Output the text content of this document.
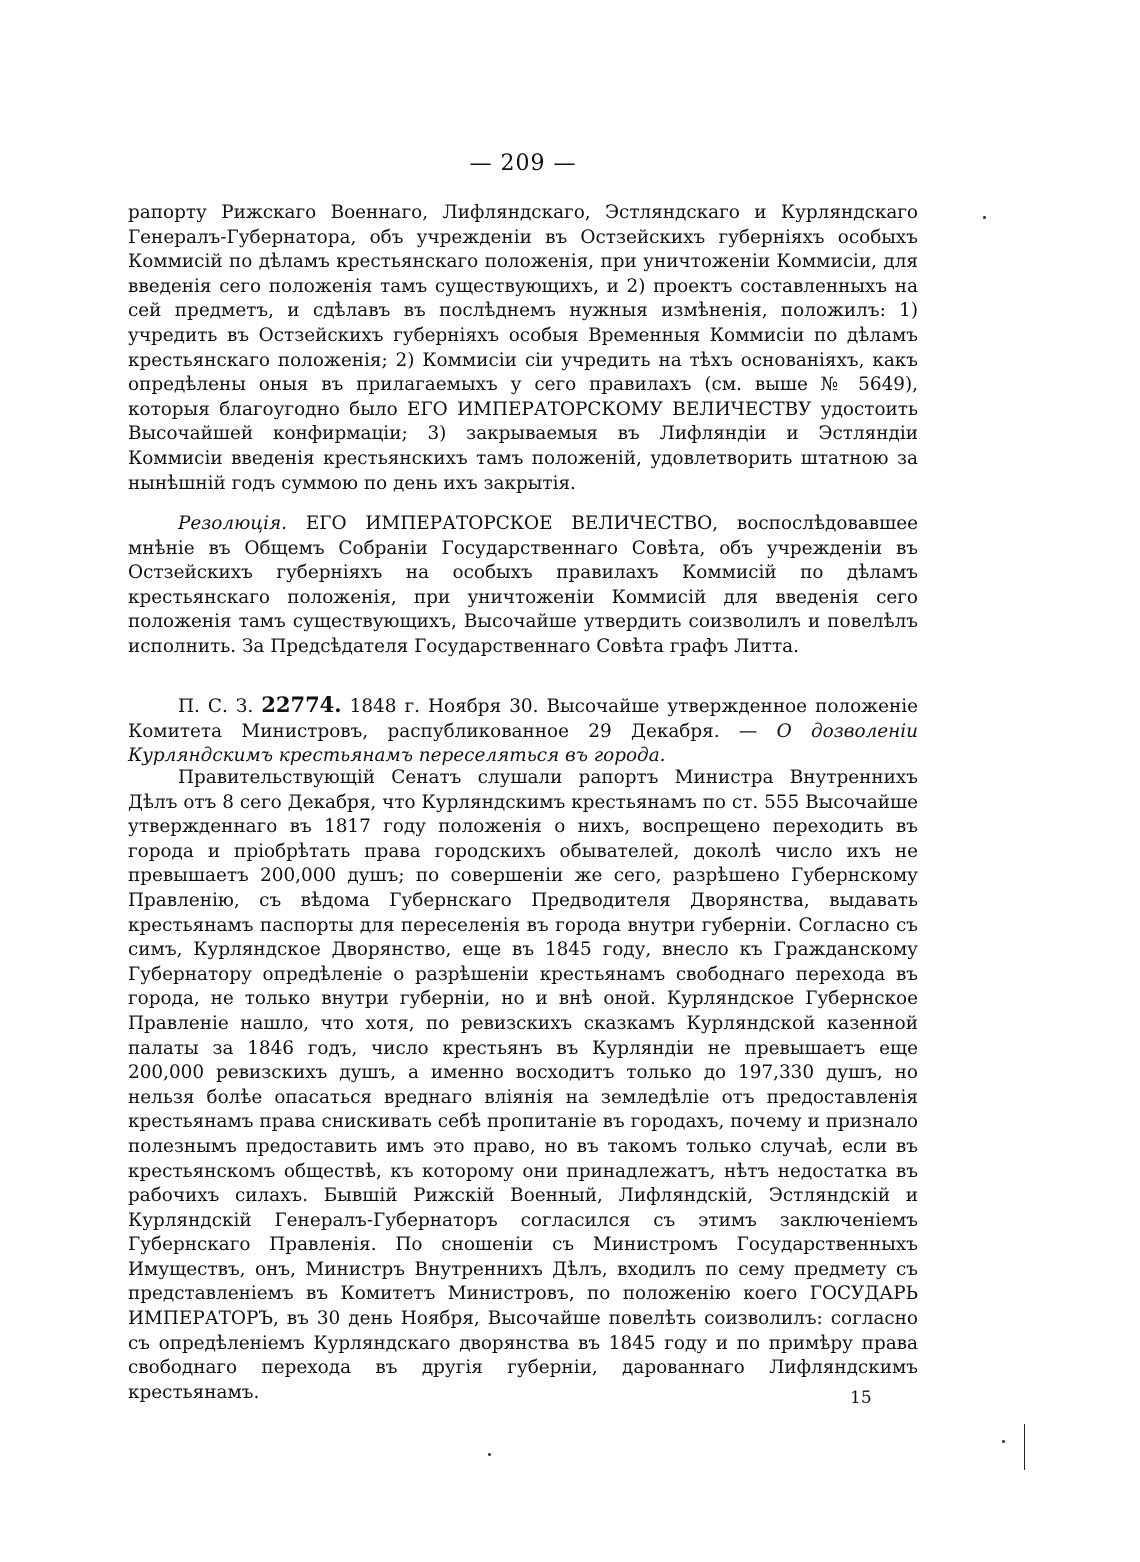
— 209 —

рапорту Рижскаго Военнаго, Лифляндскаго, Эстляндскаго и Курляндскаго Генералъ-Губернатора, объ учрежденіи въ Остзейскихъ губерніяхъ особыхъ Коммисій по дѣламъ крестьянскаго положенія, при уничтоженіи Коммисіи, для введенія сего положенія тамъ существующихъ, и 2) проектъ составленныхъ на сей предметъ, и сдѣлавъ въ послѣднемъ нужныя измѣненія, положилъ: 1) учредить въ Остзейскихъ губерніяхъ особыя Временныя Коммисіи по дѣламъ крестьянскаго положенія; 2) Коммисіи сіи учредить на тѣхъ основаніяхъ, какъ опредѣлены оныя въ прилагаемыхъ у сего правилахъ (см. выше № 5649), которыя благоугодно было ЕГО ИМПЕРАТОРСКОМУ ВЕЛИЧЕСТВУ удостоить Высочайшей конфирмаціи; 3) закрываемыя въ Лифляндіи и Эстляндіи Коммисіи введенія крестьянскихъ тамъ положеній, удовлетворить штатною за нынѣшній годъ суммою по день ихъ закрытія.

Резолюція. ЕГО ИМПЕРАТОРСКОЕ ВЕЛИЧЕСТВО, воспослѣдовавшее мнѣніе въ Общемъ Собраніи Государственнаго Совѣта, объ учрежденіи въ Остзейскихъ губерніяхъ на особыхъ правилахъ Коммисій по дѣламъ крестьянскаго положенія, при уничтоженіи Коммисій для введенія сего положенія тамъ существующихъ, Высочайше утвердить соизволилъ и повелѣлъ исполнить. За Предсѣдателя Государственнаго Совѣта графъ Литта.

П. С. З. 22774. 1848 г. Ноября 30. Высочайше утвержденное положеніе Комитета Министровъ, распубликованное 29 Декабря. — О дозволеніи Курляндскимъ крестьянамъ переселяться въ города.

Правительствующій Сенатъ слушали рапортъ Министра Внутреннихъ Дѣлъ отъ 8 сего Декабря, что Курляндскимъ крестьянамъ по ст. 555 Высочайше утвержденнаго въ 1817 году положенія о нихъ, воспрещено переходить въ города и пріобрѣтать права городскихъ обывателей, доколѣ число ихъ не превышаетъ 200,000 душъ; по совершеніи же сего, разрѣшено Губернскому Правленію, съ вѣдома Губернскаго Предводителя Дворянства, выдавать крестьянамъ паспорты для переселенія въ города внутри губерніи. Согласно съ симъ, Курляндское Дворянство, еще въ 1845 году, внесло къ Гражданскому Губернатору опредѣленіе о разрѣшеніи крестьянамъ свободнаго перехода въ города, не только внутри губерніи, но и внѣ оной. Курляндское Губернское Правленіе нашло, что хотя, по ревизскихъ сказкамъ Курляндской казенной палаты за 1846 годъ, число крестьянъ въ Курляндіи не превышаетъ еще 200,000 ревизскихъ душъ, а именно восходитъ только до 197,330 душъ, но нельзя болѣе опасаться вреднаго вліянія на земледѣліе отъ предоставленія крестьянамъ права снискивать себѣ пропитаніе въ городахъ, почему и признало полезнымъ предоставить имъ это право, но въ такомъ только случаѣ, если въ крестьянскомъ обществѣ, къ которому они принадлежатъ, нѣтъ недостатка въ рабочихъ силахъ. Бывшій Рижскій Военный, Лифляндскій, Эстляндскій и Курляндскій Генералъ-Губернаторъ согласился съ этимъ заключеніемъ Губернскаго Правленія. По сношеніи съ Министромъ Государственныхъ Имуществъ, онъ, Министръ Внутреннихъ Дѣлъ, входилъ по сему предмету съ представленіемъ въ Комитетъ Министровъ, по положенію коего ГОСУДАРЬ ИМПЕРАТОРЪ, въ 30 день Ноября, Высочайше повелѣть соизволилъ: согласно съ опредѣленіемъ Курляндскаго дворянства въ 1845 году и по примѣру права свободнаго перехода въ другія губерніи, дарованнаго Лифляндскимъ крестьянамъ.	15
